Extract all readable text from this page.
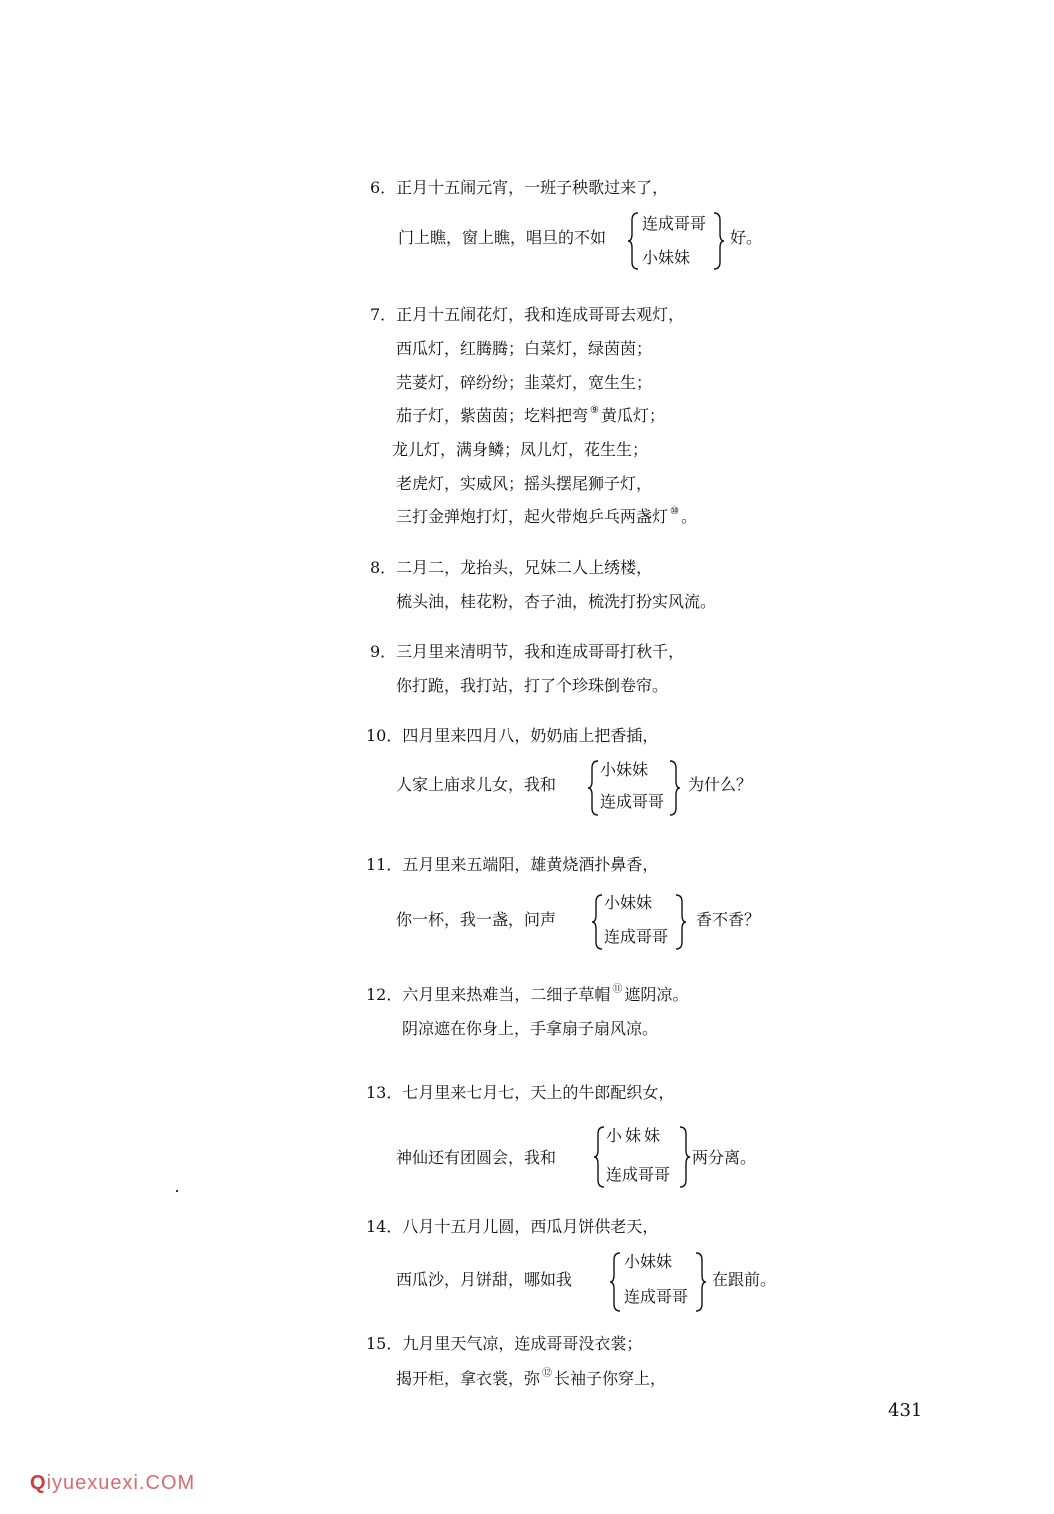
6．正月十五闹元宵，一班子秧歌过来了，
门上瞧，窗上瞧，唱旦的不如
连成哥哥
小妹妹
好。
7．正月十五闹花灯，我和连成哥哥去观灯，
西瓜灯，红腾腾；白菜灯，绿茵茵；
芫荽灯，碎纷纷；韭菜灯，宽生生；
茄子灯，紫茵茵；圪料把弯 ⑨ 黄瓜灯；
龙儿灯，满身鳞；凤儿灯，花生生；
老虎灯，实威风；摇头摆尾狮子灯，
三打金弹炮打灯，起火带炮乒乓两盏灯 ⑩ 。
8．二月二，龙抬头，兄妹二人上绣楼，
梳头油，桂花粉，杏子油，梳洗打扮实风流。
9．三月里来清明节，我和连成哥哥打秋千，
你打跪，我打站，打了个珍珠倒卷帘。
10．四月里来四月八，奶奶庙上把香插，
人家上庙求儿女，我和
小妹妹
连成哥哥
为什么？
11．五月里来五端阳，雄黄烧酒扑鼻香，
你一杯，我一盏，问声
小妹妹
连成哥哥
香不香？
12．六月里来热难当，二细子草帽 ⑪ 遮阴凉。
阴凉遮在你身上，手拿扇子扇风凉。
13．七月里来七月七，天上的牛郎配织女，
神仙还有团圆会，我和
小妹妹
连成哥哥
两分离。
14．八月十五月儿圆，西瓜月饼供老天，
西瓜沙，月饼甜，哪如我
小妹妹
连成哥哥
在跟前。
15．九月里天气凉，连成哥哥没衣裳；
揭开柜，拿衣裳，弥 ⑫ 长袖子你穿上，
431
Qiyuexuexi.COM
